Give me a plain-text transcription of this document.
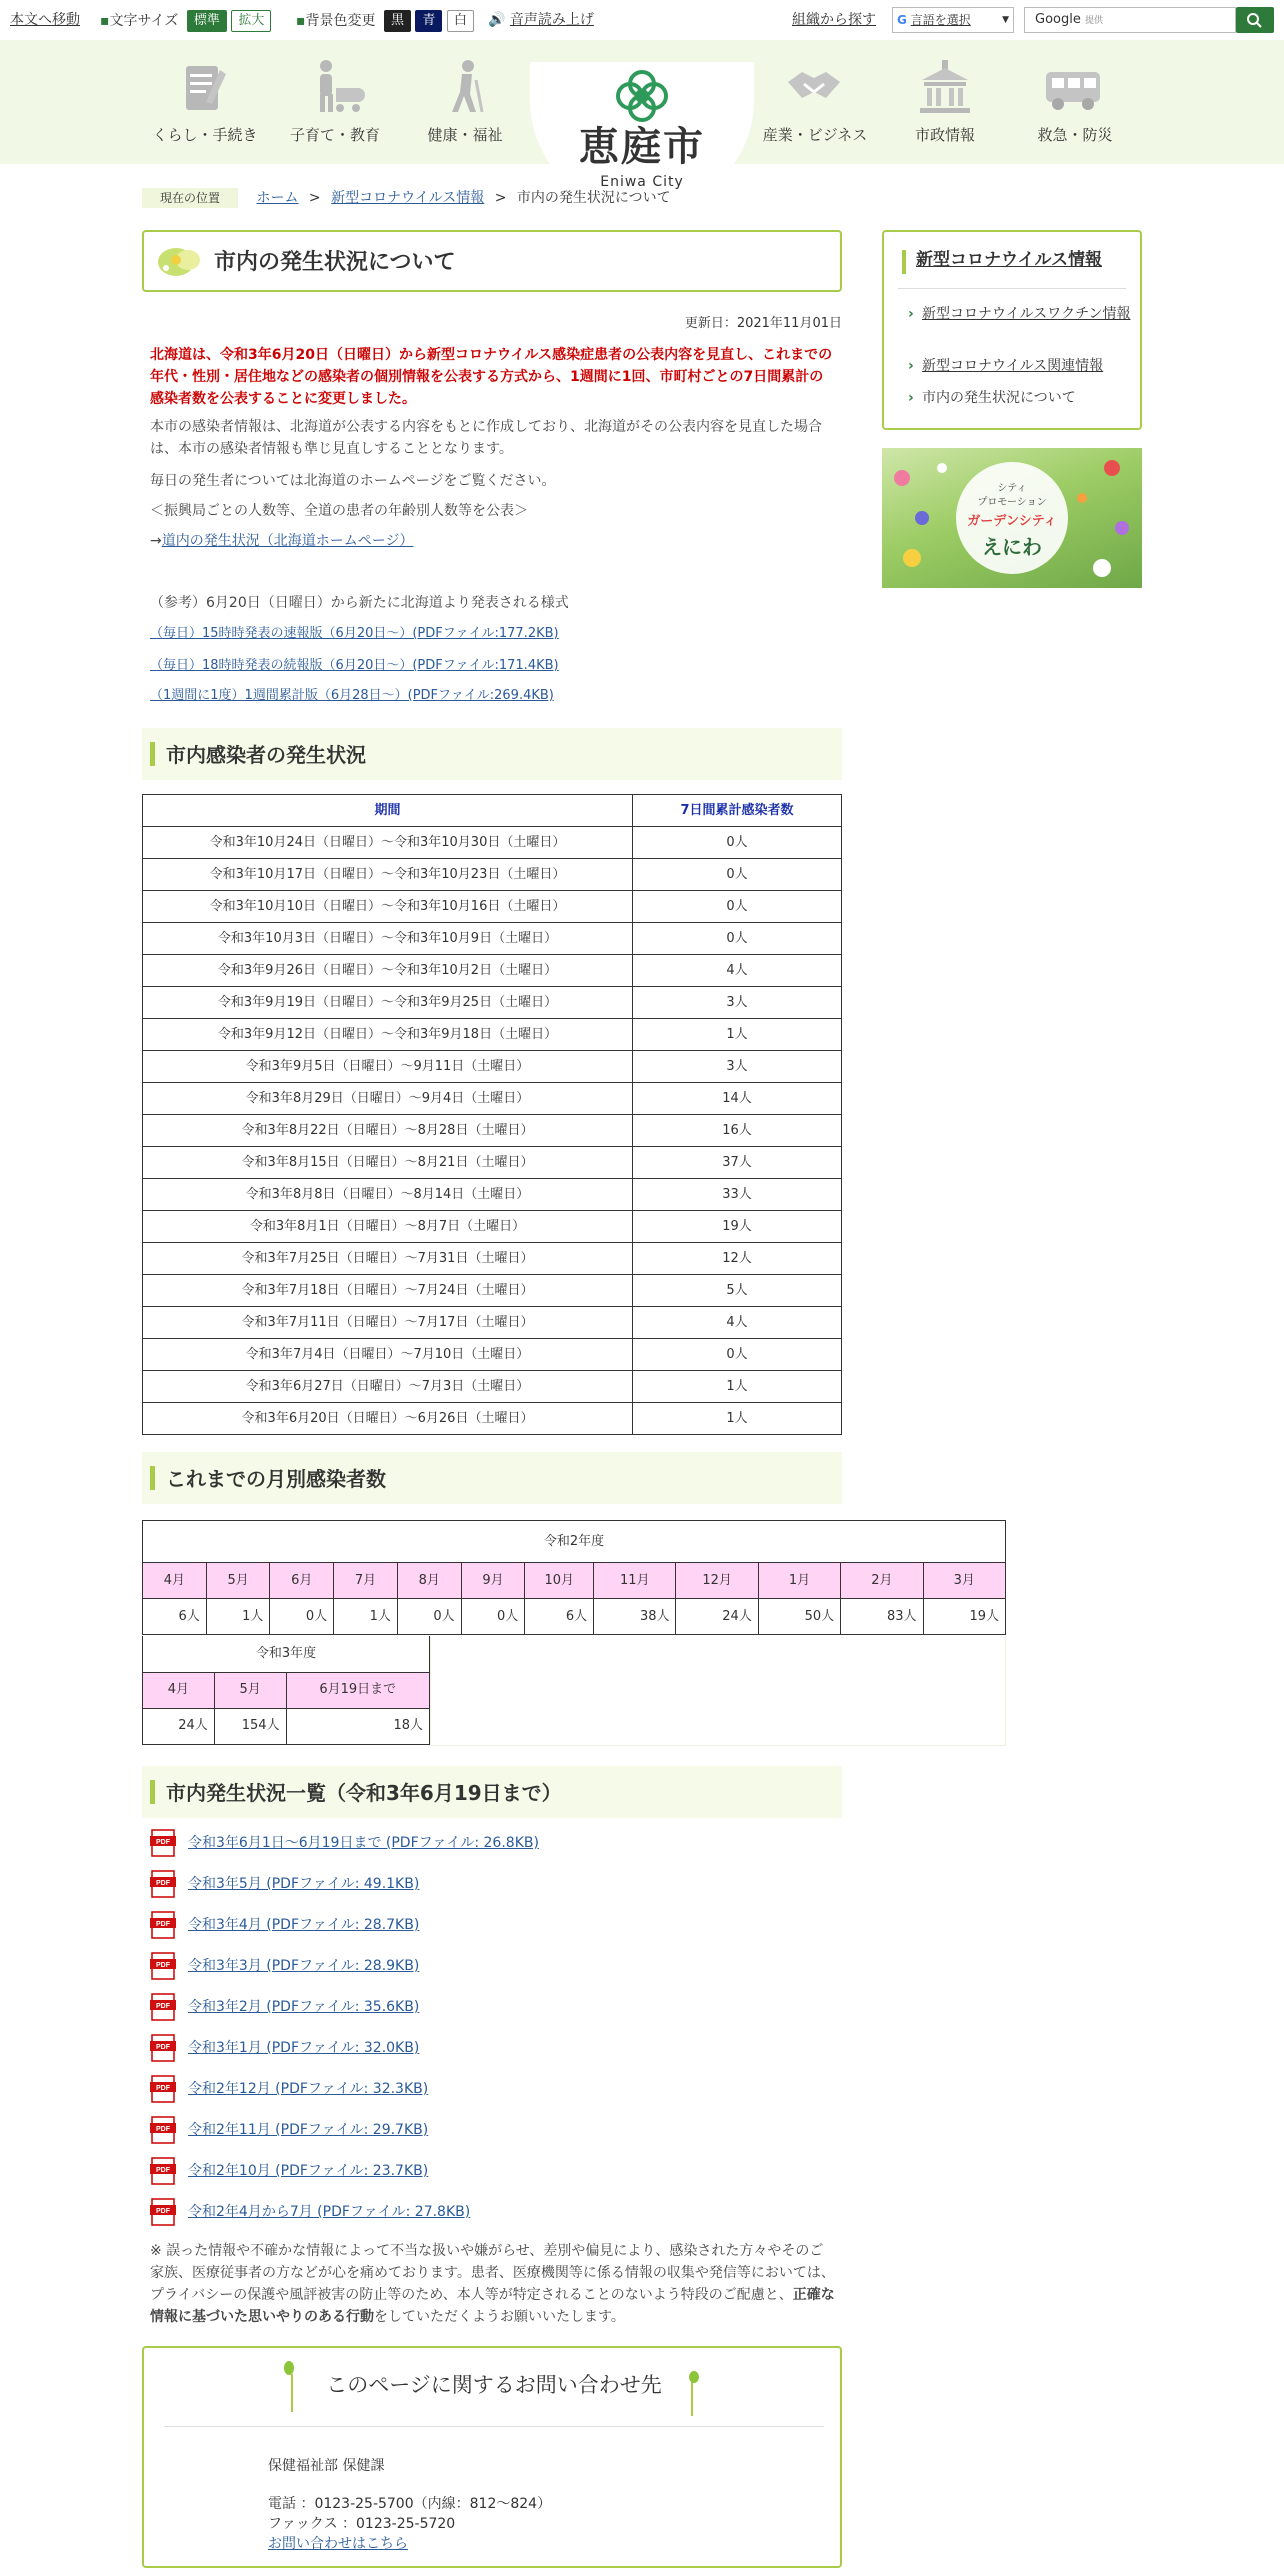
本文へ移動 ▪文字サイズ 標準 拡大	▪背景色変更 黒 青 白	🔊 音声読み上げ	組織から探す	G 言語を選択	▼	Google 提供
くらし・手続き	子育て・教育	健康・福祉	恵庭市
Eniwa City
産業・ビジネス	市政情報	救急・防災
現在の位置	ホーム > 新型コロナウイルス情報 > 市内の発生状況について
市内の発生状況について
更新日：2021年11月01日

北海道は、令和3年6月20日（日曜日）から新型コロナウイルス感染症患者の公表内容を見直し、これまでの年代・性別・居住地などの感染者の個別情報を公表する方式から、1週間に1回、市町村ごとの7日間累計の感染者数を公表することに変更しました。

本市の感染者情報は、北海道が公表する内容をもとに作成しており、北海道がその公表内容を見直した場合は、本市の感染者情報も準じ見直しすることとなります。

毎日の発生者については北海道のホームページをご覧ください。

＜振興局ごとの人数等、全道の患者の年齢別人数等を公表＞

→道内の発生状況（北海道ホームページ）

（参考）6月20日（日曜日）から新たに北海道より発表される様式

（毎日）15時時発表の速報版（6月20日～）(PDFファイル:177.2KB)
（毎日）18時時発表の続報版（6月20日～）(PDFファイル:171.4KB)
（1週間に1度）1週間累計版（6月28日～）(PDFファイル:269.4KB)
市内感染者の発生状況
期間	7日間累計感染者数
令和3年10月24日（日曜日）～令和3年10月30日（土曜日）	0人
令和3年10月17日（日曜日）～令和3年10月23日（土曜日）	0人
令和3年10月10日（日曜日）～令和3年10月16日（土曜日）	0人
令和3年10月3日（日曜日）～令和3年10月9日（土曜日）	0人
令和3年9月26日（日曜日）～令和3年10月2日（土曜日）	4人
令和3年9月19日（日曜日）～令和3年9月25日（土曜日）	3人
令和3年9月12日（日曜日）～令和3年9月18日（土曜日）	1人
令和3年9月5日（日曜日）～9月11日（土曜日）	3人
令和3年8月29日（日曜日）～9月4日（土曜日）	14人
令和3年8月22日（日曜日）～8月28日（土曜日）	16人
令和3年8月15日（日曜日）～8月21日（土曜日）	37人
令和3年8月8日（日曜日）～8月14日（土曜日）	33人
令和3年8月1日（日曜日）～8月7日（土曜日）	19人
令和3年7月25日（日曜日）～7月31日（土曜日）	12人
令和3年7月18日（日曜日）～7月24日（土曜日）	5人
令和3年7月11日（日曜日）～7月17日（土曜日）	4人
令和3年7月4日（日曜日）～7月10日（土曜日）	0人
令和3年6月27日（日曜日）～7月3日（土曜日）	1人
令和3年6月20日（日曜日）～6月26日（土曜日）	1人
これまでの月別感染者数
令和2年度											
4月	5月	6月	7月	8月	9月	10月	11月	12月	1月	2月	3月
6人	1人	0人	1人	0人	0人	6人	38人	24人	50人	83人	19人
令和3年度		
4月	5月	6月19日まで
24人	154人	18人
市内発生状況一覧（令和3年6月19日まで）
PDF 令和3年6月1日～6月19日まで (PDFファイル: 26.8KB)
PDF 令和3年5月 (PDFファイル: 49.1KB)
PDF 令和3年4月 (PDFファイル: 28.7KB)
PDF 令和3年3月 (PDFファイル: 28.9KB)
PDF 令和3年2月 (PDFファイル: 35.6KB)
PDF 令和3年1月 (PDFファイル: 32.0KB)
PDF 令和2年12月 (PDFファイル: 32.3KB)
PDF 令和2年11月 (PDFファイル: 29.7KB)
PDF 令和2年10月 (PDFファイル: 23.7KB)
PDF 令和2年4月から7月 (PDFファイル: 27.8KB)

※ 誤った情報や不確かな情報によって不当な扱いや嫌がらせ、差別や偏見により、感染された方々やそのご家族、医療従事者の方などが心を痛めております。患者、医療機関等に係る情報の収集や発信等においては、プライバシーの保護や風評被害の防止等のため、本人等が特定されることのないよう特段のご配慮と、正確な情報に基づいた思いやりのある行動をしていただくようお願いいたします。

このページに関するお問い合わせ先

保健福祉部 保健課

電話 ：0123-25-5700（内線：812～824）

ファックス ：0123-25-5720

お問い合わせはこちら
新型コロナウイルス情報
› 新型コロナウイルスワクチン情報
› 新型コロナウイルス関連情報
› 市内の発生状況について
シティ
プロモーション
ガーデンシティ
えにわ
